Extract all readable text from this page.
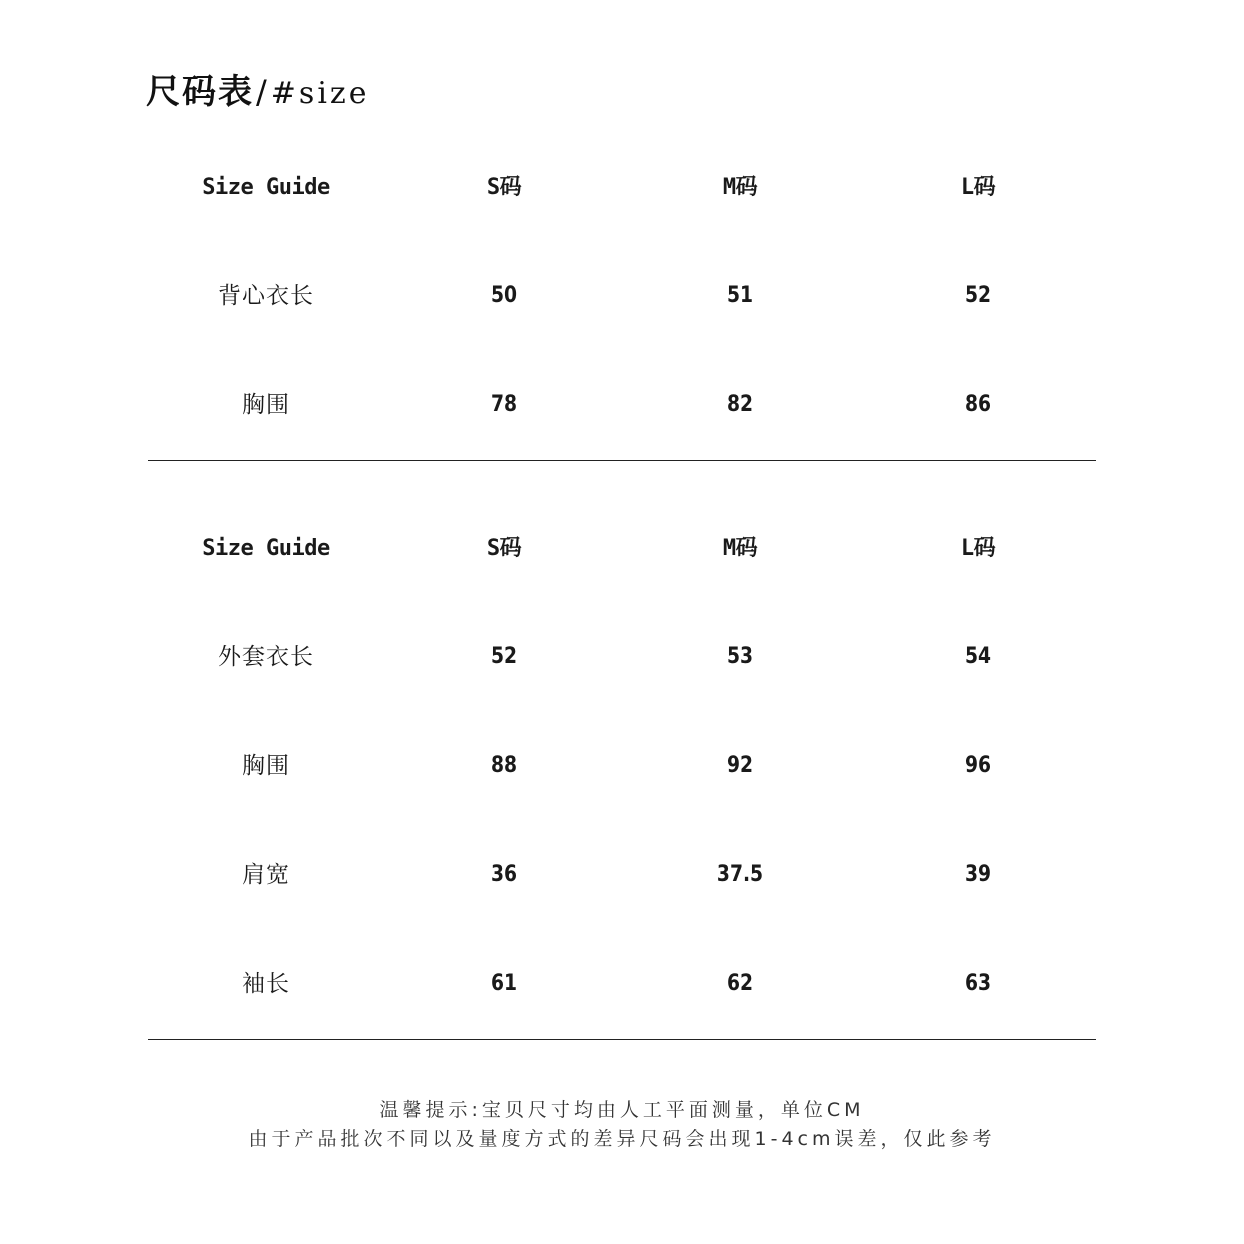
尺码表 / #size
Size Guide	S码	M码	L码
背心衣长	50	51	52
胸围	78	82	86
Size Guide	S码	M码	L码
外套衣长	52	53	54
胸围	88	92	96
肩宽	36	37.5	39
袖长	61	62	63
温馨提示:宝贝尺寸均由人工平面测量，单位CM
由于产品批次不同以及量度方式的差异尺码会出现1-4cm误差，仅此参考
